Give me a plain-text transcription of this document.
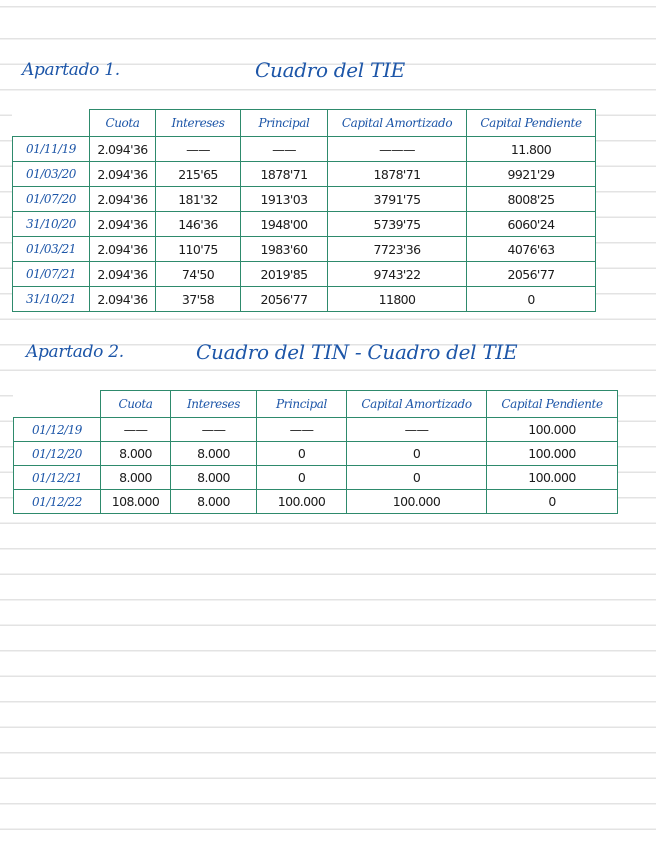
Apartado 1.	Cuadro del TIE
	Cuota	Intereses	Principal	Capital Amortizado	Capital Pendiente
01/11/19	2.094'36	——	——	———	11.800
01/03/20	2.094'36	215'65	1878'71	1878'71	9921'29
01/07/20	2.094'36	181'32	1913'03	3791'75	8008'25
31/10/20	2.094'36	146'36	1948'00	5739'75	6060'24
01/03/21	2.094'36	110'75	1983'60	7723'36	4076'63
01/07/21	2.094'36	74'50	2019'85	9743'22	2056'77
31/10/21	2.094'36	37'58	2056'77	11800	0
Apartado 2.	Cuadro del TIN - Cuadro del TIE
	Cuota	Intereses	Principal	Capital Amortizado	Capital Pendiente
01/12/19	——	——	——	——	100.000
01/12/20	8.000	8.000	0	0	100.000
01/12/21	8.000	8.000	0	0	100.000
01/12/22	108.000	8.000	100.000	100.000	0
